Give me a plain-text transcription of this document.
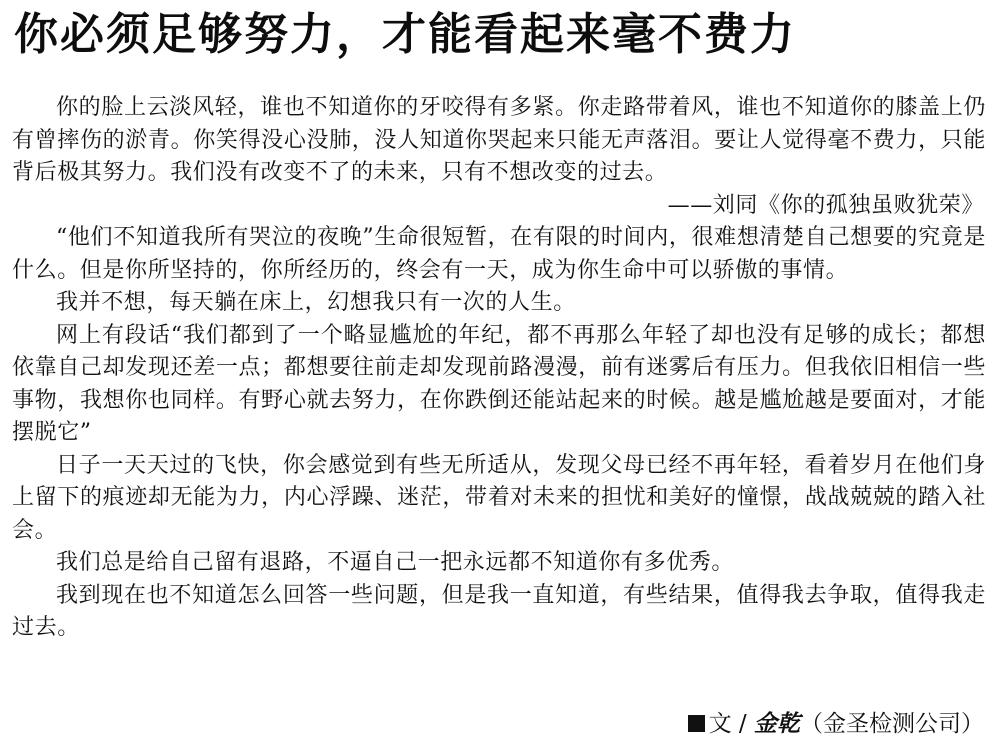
你必须足够努力，才能看起来毫不费力

你的脸上云淡风轻，谁也不知道你的牙咬得有多紧。你走路带着风，谁也不知道你的膝盖上仍有曾摔伤的淤青。你笑得没心没肺，没人知道你哭起来只能无声落泪。要让人觉得毫不费力，只能背后极其努力。我们没有改变不了的未来，只有不想改变的过去。

——刘同《你的孤独虽败犹荣》

“他们不知道我所有哭泣的夜晚”生命很短暂，在有限的时间内，很难想清楚自己想要的究竟是什么。但是你所坚持的，你所经历的，终会有一天，成为你生命中可以骄傲的事情。

我并不想，每天躺在床上，幻想我只有一次的人生。

网上有段话“我们都到了一个略显尴尬的年纪，都不再那么年轻了却也没有足够的成长；都想依靠自己却发现还差一点；都想要往前走却发现前路漫漫，前有迷雾后有压力。但我依旧相信一些事物，我想你也同样。有野心就去努力，在你跌倒还能站起来的时候。越是尴尬越是要面对，才能摆脱它”

日子一天天过的飞快，你会感觉到有些无所适从，发现父母已经不再年轻，看着岁月在他们身上留下的痕迹却无能为力，内心浮躁、迷茫，带着对未来的担忧和美好的憧憬，战战兢兢的踏入社会。

我们总是给自己留有退路，不逼自己一把永远都不知道你有多优秀。

我到现在也不知道怎么回答一些问题，但是我一直知道，有些结果，值得我去争取，值得我走过去。

文 / 金乾（金圣检测公司）
